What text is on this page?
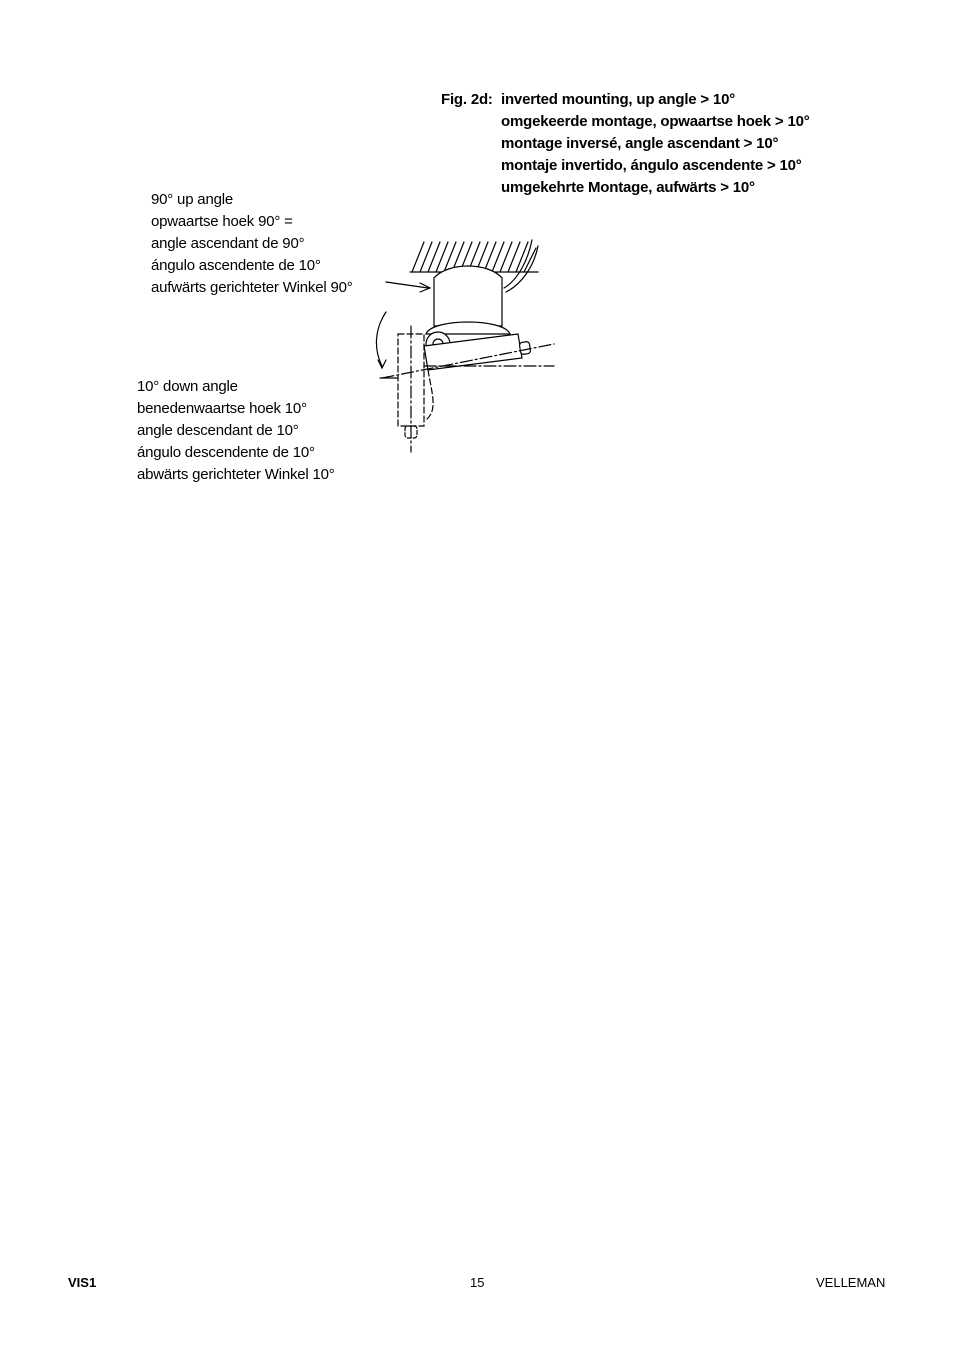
Fig. 2d: inverted mounting, up angle > 10°
omgekeerde montage, opwaartse hoek > 10°
montage inversé, angle ascendant > 10°
montaje invertido, ángulo ascendente > 10°
umgekehrte Montage, aufwärts > 10°
90° up angle
opwaartse hoek 90° =
angle ascendant de 90°
ángulo ascendente de 10°
aufwärts gerichteter Winkel 90°
10° down angle
benedenwaartse hoek 10°
angle descendant de 10°
ángulo descendente de 10°
abwärts gerichteter Winkel 10°
VIS1	15	VELLEMAN
